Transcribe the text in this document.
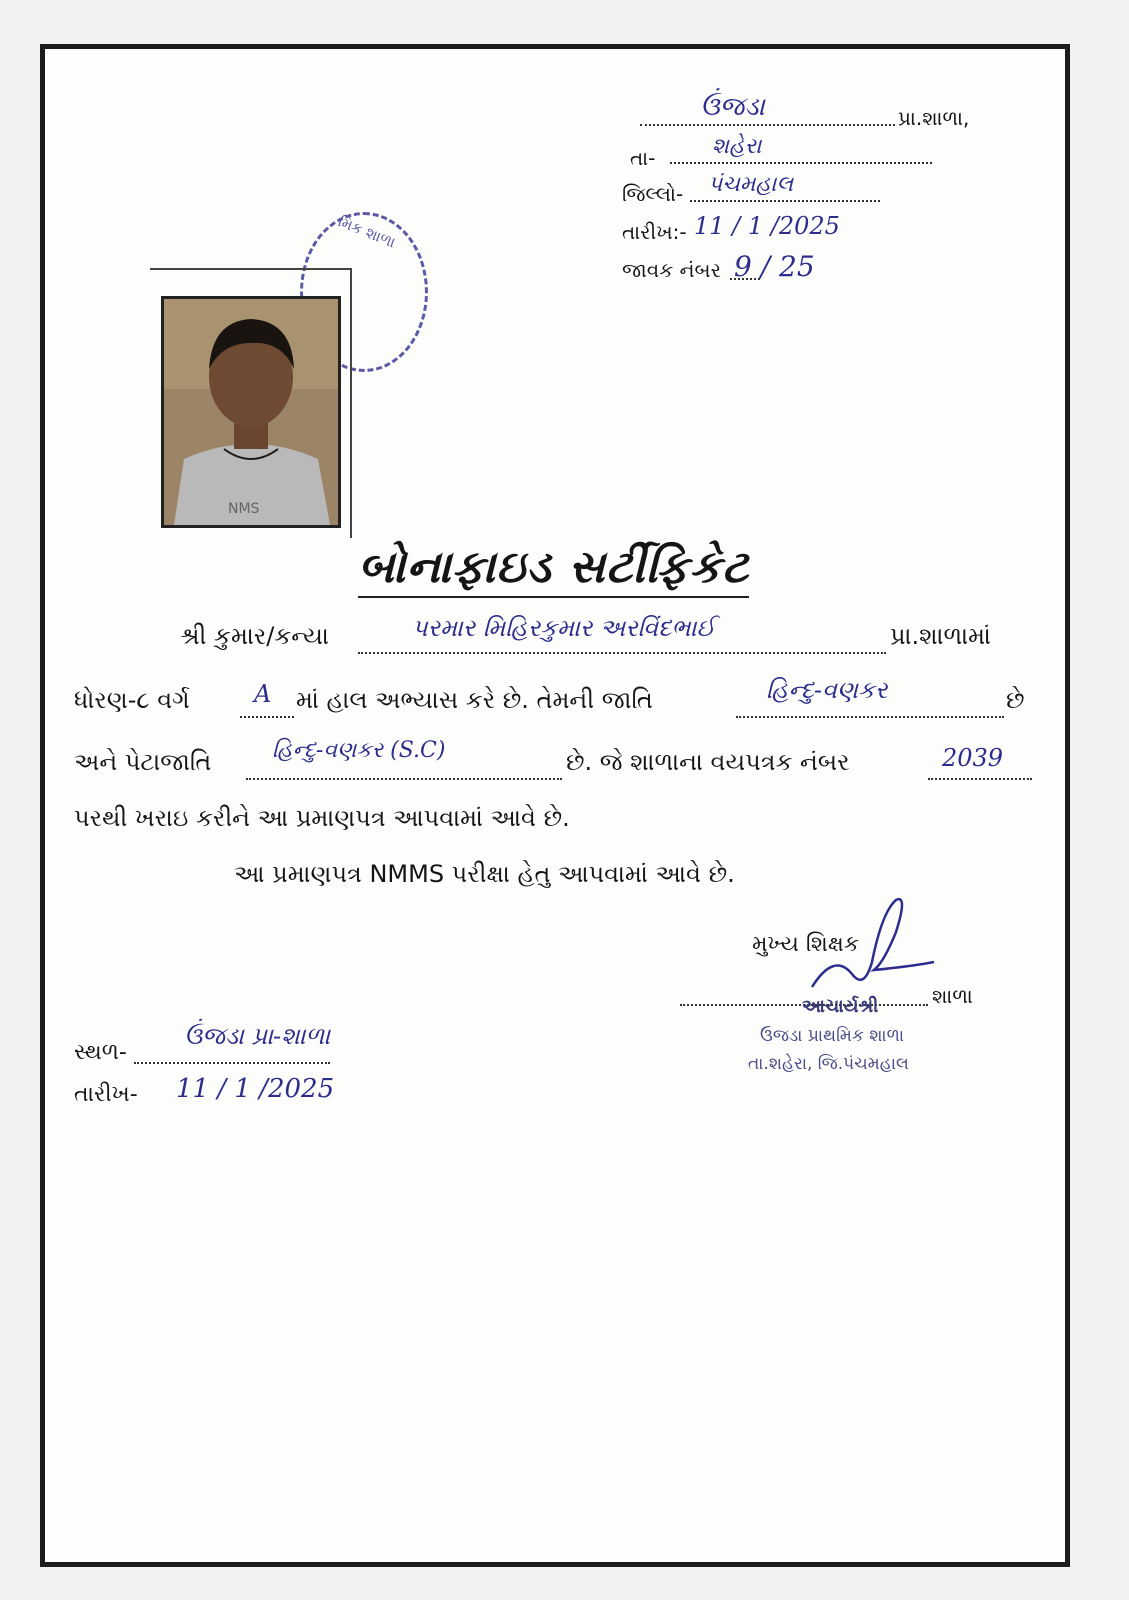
ઉંજડા	પ્રા.શાળા,
તા-	શહેરા
જિલ્લો- પંચમહાલ
તારીખ:- 11 / 1 /2025
જાવક નંબર 9 / 25
મિક શાળા
NMS
બોનાફાઇડ સર્ટીફિકેટ
શ્રી કુમાર/કન્યા	પરમાર મિહિરકુમાર અરવિંદભાઈ	પ્રા.શાળામાં
ધોરણ-૮ વર્ગ	A માં હાલ અભ્યાસ કરે છે. તેમની જાતિ	હિન્દુ-વણકર	છે
અને પેટાજાતિ	હિન્દુ-વણકર (S.C)	છે. જે શાળાના વયપત્રક નંબર	2039
પરથી ખરાઇ કરીને આ પ્રમાણપત્ર આપવામાં આવે છે.
આ પ્રમાણપત્ર NMMS પરીક્ષા હેતુ આપવામાં આવે છે.
મુખ્ય શિક્ષક
શાળા
આચાર્યશ્રી
ઉજડા પ્રાથમિક શાળા
તા.શહેરા, જિ.પંચમહાલ
સ્થળ-
ઉંજડા પ્રા-શાળા
તારીખ- 11 / 1 /2025
